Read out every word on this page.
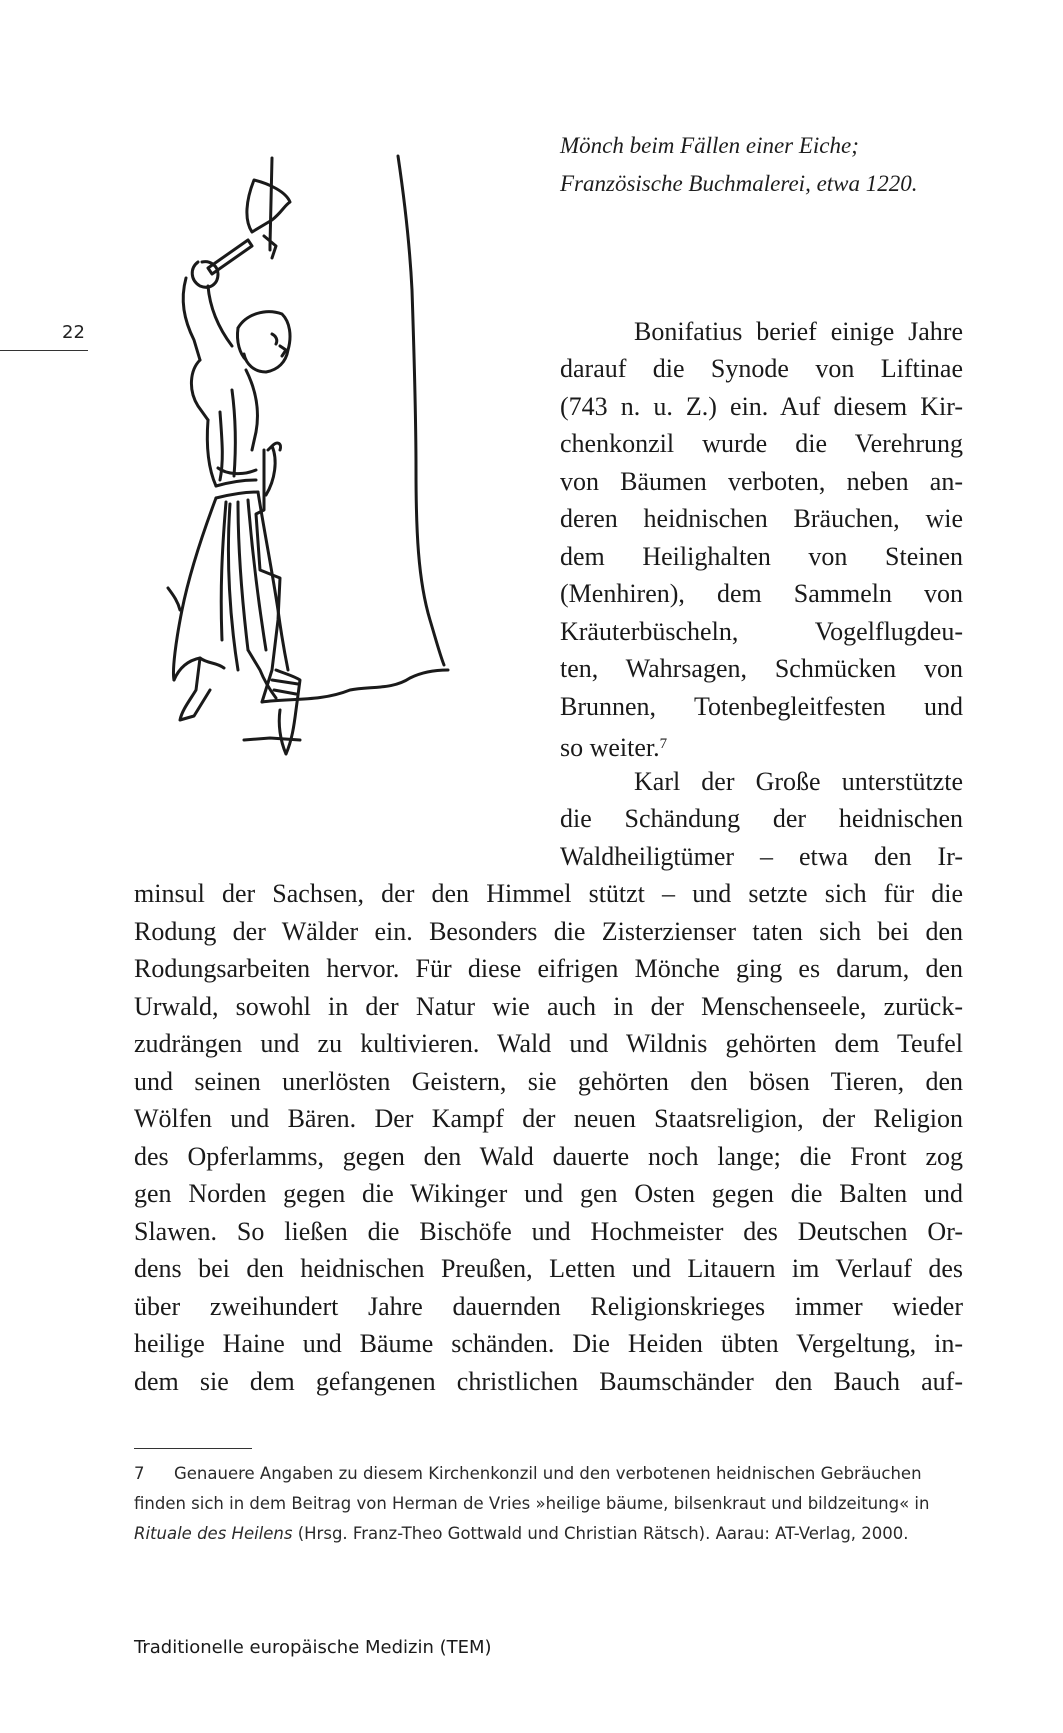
22
Mönch beim Fällen einer Eiche;
Französische Buchmalerei, etwa 1220.
Bonifatius berief einige Jahre
darauf die Synode von Liftinae
(743 n. u. Z.) ein. Auf diesem Kir-
chenkonzil wurde die Verehrung
von Bäumen verboten, neben an-
deren heidnischen Bräuchen, wie
dem Heilighalten von Steinen
(Menhiren), dem Sammeln von
Kräuterbüscheln, Vogelflugdeu-
ten, Wahrsagen, Schmücken von
Brunnen, Totenbegleitfesten und
so weiter.$^7$
Karl der Große unterstützte
die Schändung der heidnischen
Waldheiligtümer – etwa den Ir-
minsul der Sachsen, der den Himmel stützt – und setzte sich für die
Rodung der Wälder ein. Besonders die Zisterzienser taten sich bei den
Rodungsarbeiten hervor. Für diese eifrigen Mönche ging es darum, den
Urwald, sowohl in der Natur wie auch in der Menschenseele, zurück-
zudrängen und zu kultivieren. Wald und Wildnis gehörten dem Teufel
und seinen unerlösten Geistern, sie gehörten den bösen Tieren, den
Wölfen und Bären. Der Kampf der neuen Staatsreligion, der Religion
des Opferlamms, gegen den Wald dauerte noch lange; die Front zog
gen Norden gegen die Wikinger und gen Osten gegen die Balten und
Slawen. So ließen die Bischöfe und Hochmeister des Deutschen Or-
dens bei den heidnischen Preußen, Letten und Litauern im Verlauf des
über zweihundert Jahre dauernden Religionskrieges immer wieder
heilige Haine und Bäume schänden. Die Heiden übten Vergeltung, in-
dem sie dem gefangenen christlichen Baumschänder den Bauch auf-
7 Genauere Angaben zu diesem Kirchenkonzil und den verbotenen heidnischen Gebräuchen
finden sich in dem Beitrag von Herman de Vries »heilige bäume, bilsenkraut und bildzeitung« in
Rituale des Heilens (Hrsg. Franz-Theo Gottwald und Christian Rätsch). Aarau: AT-Verlag, 2000.
Traditionelle europäische Medizin (TEM)
